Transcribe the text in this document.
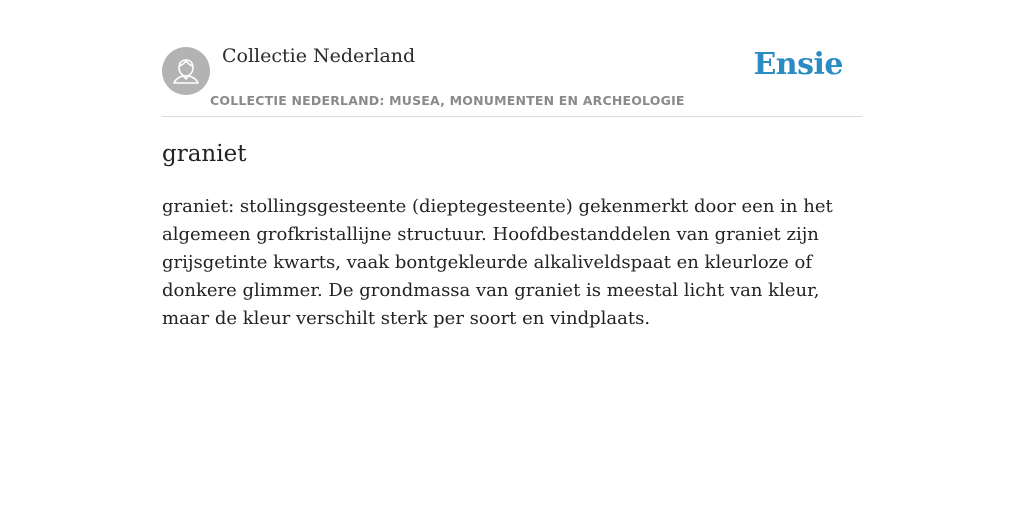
Collectie Nederland
COLLECTIE NEDERLAND: MUSEA, MONUMENTEN EN ARCHEOLOGIE
Ensie
graniet

graniet: stollingsgesteente (dieptegesteente) gekenmerkt door een in het algemeen grofkristallijne structuur. Hoofdbestanddelen van graniet zijn grijsgetinte kwarts, vaak bontgekleurde alkaliveldspaat en kleurloze of donkere glimmer. De grondmassa van graniet is meestal licht van kleur, maar de kleur verschilt sterk per soort en vindplaats.
